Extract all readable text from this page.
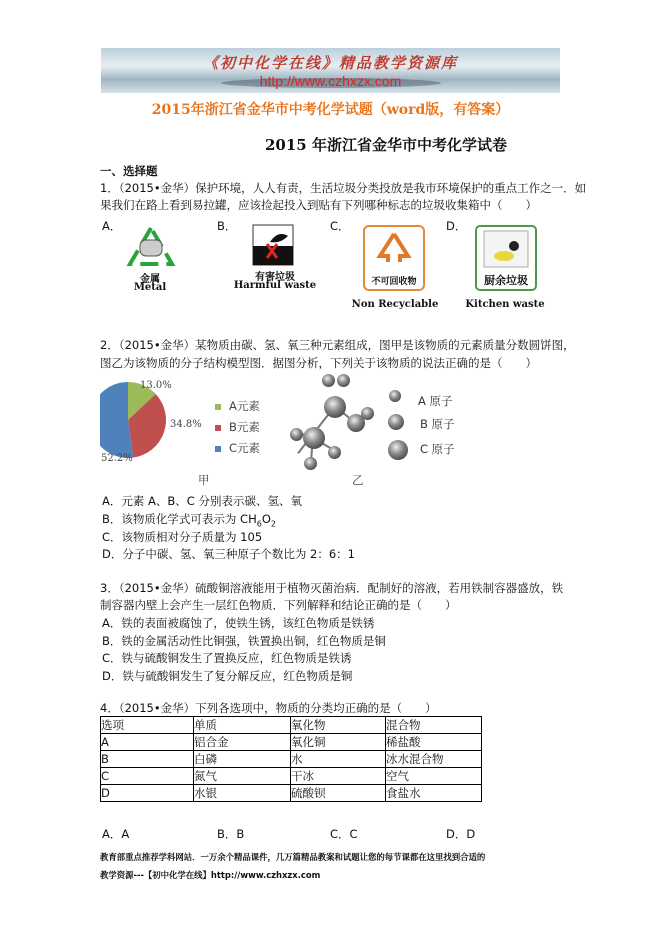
《初中化学在线》精品教学资源库
http://www.czhxzx.com
2015年浙江省金华市中考化学试题（word版，有答案）
2015 年浙江省金华市中考化学试卷
一、选择题
1．（2015•金华）保护环境，人人有责，生活垃圾分类投放是我市环境保护的重点工作之一．如
果我们在路上看到易拉罐，应该捡起投入到贴有下列哪种标志的垃圾收集箱中（　　）
A．	B．	C．	D．
金属
Metal
有害垃圾
Harmful waste	不可回收物
Non Recyclable
厨余垃圾
Kitchen waste
2．（2015•金华）某物质由碳、氢、氧三种元素组成，图甲是该物质的元素质量分数圆饼图，
图乙为该物质的分子结构模型图．据图分析，下列关于该物质的说法正确的是（　　）
13.0%
34.8%
52.2%
A元素
B元素
C元素
甲
A 原子
B 原子
C 原子
乙
A．元素 A、B、C 分别表示碳、氢、氧
B．该物质化学式可表示为 $CH_6O_2$
C．该物质相对分子质量为 105
D．分子中碳、氢、氧三种原子个数比为 2：6：1
3．（2015•金华）硫酸铜溶液能用于植物灭菌治病．配制好的溶液，若用铁制容器盛放，铁
制容器内壁上会产生一层红色物质．下列解释和结论正确的是（　　）
A．铁的表面被腐蚀了，使铁生锈，该红色物质是铁锈
B．铁的金属活动性比铜强，铁置换出铜，红色物质是铜
C．铁与硫酸铜发生了置换反应，红色物质是铁诱
D．铁与硫酸铜发生了复分解反应，红色物质是铜
4．（2015•金华）下列各选项中，物质的分类均正确的是（　　）
选项	单质	氧化物	混合物
A	铝合金	氧化铜	稀盐酸
B	白磷	水	冰水混合物
C	氮气	干冰	空气
D	水银	硫酸钡	食盐水
A．A	B．B	C．C	D．D
教育部重点推荐学科网站．一万余个精品课件，几万篇精品教案和试题让您的每节课都在这里找到合适的
教学资源---【初中化学在线】http://www.czhxzx.com
